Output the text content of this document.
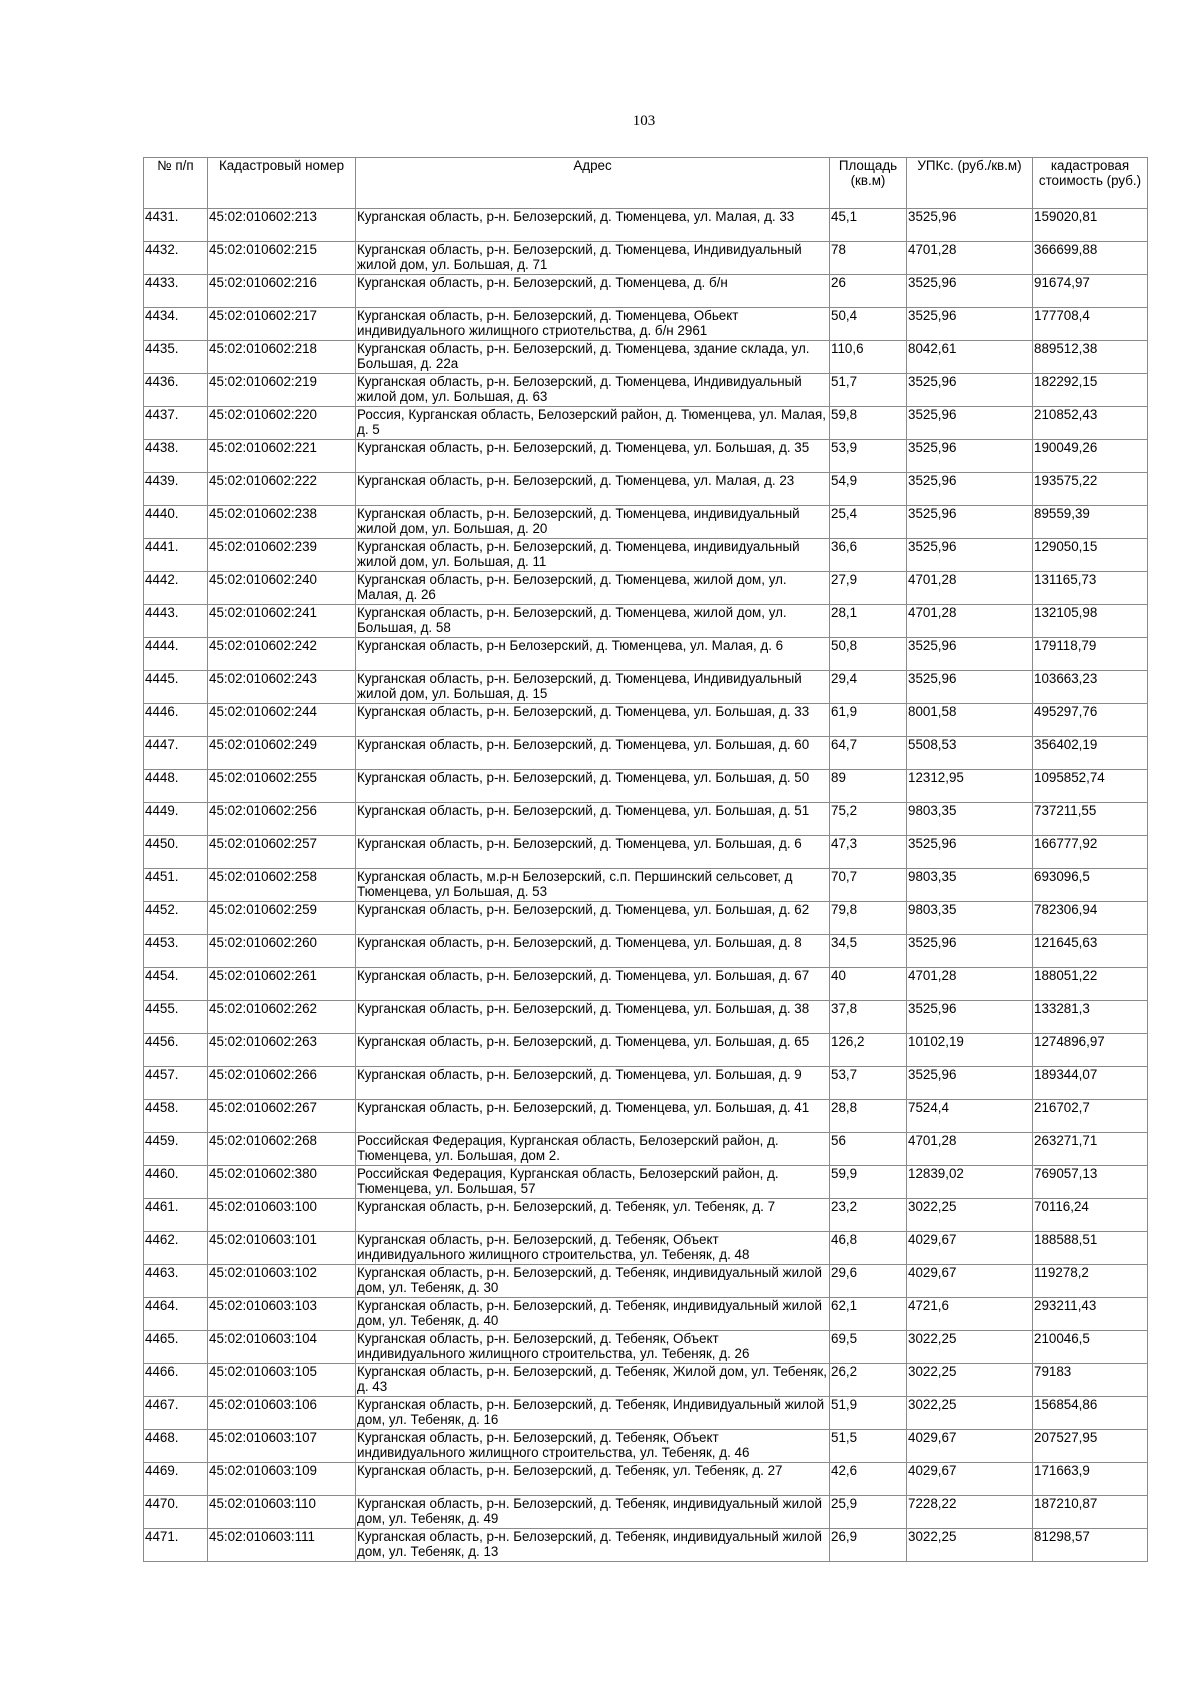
103
№ п/п	Кадастровый номер	Адрес	Площадь (кв.м)	УПКс. (руб./кв.м)	кадастровая стоимость (руб.)
4431.	45:02:010602:213	Курганская область, р-н. Белозерский, д. Тюменцева, ул. Малая, д. 33	45,1	3525,96	159020,81
4432.	45:02:010602:215	Курганская область, р-н. Белозерский, д. Тюменцева, Индивидуальный жилой дом, ул. Большая, д. 71	78	4701,28	366699,88
4433.	45:02:010602:216	Курганская область, р-н. Белозерский, д. Тюменцева, д. б/н	26	3525,96	91674,97
4434.	45:02:010602:217	Курганская область, р-н. Белозерский, д. Тюменцева, Обьект индивидуального жилищного стриотельства, д. б/н 2961	50,4	3525,96	177708,4
4435.	45:02:010602:218	Курганская область, р-н. Белозерский, д. Тюменцева, здание склада, ул. Большая, д. 22а	110,6	8042,61	889512,38
4436.	45:02:010602:219	Курганская область, р-н. Белозерский, д. Тюменцева, Индивидуальный жилой дом, ул. Большая, д. 63	51,7	3525,96	182292,15
4437.	45:02:010602:220	Россия, Курганская область, Белозерский район, д. Тюменцева, ул. Малая, д. 5	59,8	3525,96	210852,43
4438.	45:02:010602:221	Курганская область, р-н. Белозерский, д. Тюменцева, ул. Большая, д. 35	53,9	3525,96	190049,26
4439.	45:02:010602:222	Курганская область, р-н. Белозерский, д. Тюменцева, ул. Малая, д. 23	54,9	3525,96	193575,22
4440.	45:02:010602:238	Курганская область, р-н. Белозерский, д. Тюменцева, индивидуальный жилой дом, ул. Большая, д. 20	25,4	3525,96	89559,39
4441.	45:02:010602:239	Курганская область, р-н. Белозерский, д. Тюменцева, индивидуальный жилой дом, ул. Большая, д. 11	36,6	3525,96	129050,15
4442.	45:02:010602:240	Курганская область, р-н. Белозерский, д. Тюменцева, жилой дом, ул. Малая, д. 26	27,9	4701,28	131165,73
4443.	45:02:010602:241	Курганская область, р-н. Белозерский, д. Тюменцева, жилой дом, ул. Большая, д. 58	28,1	4701,28	132105,98
4444.	45:02:010602:242	Курганская область, р-н Белозерский, д. Тюменцева, ул. Малая, д. 6	50,8	3525,96	179118,79
4445.	45:02:010602:243	Курганская область, р-н. Белозерский, д. Тюменцева, Индивидуальный жилой дом, ул. Большая, д. 15	29,4	3525,96	103663,23
4446.	45:02:010602:244	Курганская область, р-н. Белозерский, д. Тюменцева, ул. Большая, д. 33	61,9	8001,58	495297,76
4447.	45:02:010602:249	Курганская область, р-н. Белозерский, д. Тюменцева, ул. Большая, д. 60	64,7	5508,53	356402,19
4448.	45:02:010602:255	Курганская область, р-н. Белозерский, д. Тюменцева, ул. Большая, д. 50	89	12312,95	1095852,74
4449.	45:02:010602:256	Курганская область, р-н. Белозерский, д. Тюменцева, ул. Большая, д. 51	75,2	9803,35	737211,55
4450.	45:02:010602:257	Курганская область, р-н. Белозерский, д. Тюменцева, ул. Большая, д. 6	47,3	3525,96	166777,92
4451.	45:02:010602:258	Курганская область, м.р-н Белозерский, с.п. Першинский сельсовет, д Тюменцева, ул Большая, д. 53	70,7	9803,35	693096,5
4452.	45:02:010602:259	Курганская область, р-н. Белозерский, д. Тюменцева, ул. Большая, д. 62	79,8	9803,35	782306,94
4453.	45:02:010602:260	Курганская область, р-н. Белозерский, д. Тюменцева, ул. Большая, д. 8	34,5	3525,96	121645,63
4454.	45:02:010602:261	Курганская область, р-н. Белозерский, д. Тюменцева, ул. Большая, д. 67	40	4701,28	188051,22
4455.	45:02:010602:262	Курганская область, р-н. Белозерский, д. Тюменцева, ул. Большая, д. 38	37,8	3525,96	133281,3
4456.	45:02:010602:263	Курганская область, р-н. Белозерский, д. Тюменцева, ул. Большая, д. 65	126,2	10102,19	1274896,97
4457.	45:02:010602:266	Курганская область, р-н. Белозерский, д. Тюменцева, ул. Большая, д. 9	53,7	3525,96	189344,07
4458.	45:02:010602:267	Курганская область, р-н. Белозерский, д. Тюменцева, ул. Большая, д. 41	28,8	7524,4	216702,7
4459.	45:02:010602:268	Российская Федерация, Курганская область, Белозерский район, д. Тюменцева, ул. Большая, дом 2.	56	4701,28	263271,71
4460.	45:02:010602:380	Российская Федерация, Курганская область, Белозерский район, д. Тюменцева, ул. Большая, 57	59,9	12839,02	769057,13
4461.	45:02:010603:100	Курганская область, р-н. Белозерский, д. Тебеняк, ул. Тебеняк, д. 7	23,2	3022,25	70116,24
4462.	45:02:010603:101	Курганская область, р-н. Белозерский, д. Тебеняк, Объект индивидуального жилищного строительства, ул. Тебеняк, д. 48	46,8	4029,67	188588,51
4463.	45:02:010603:102	Курганская область, р-н. Белозерский, д. Тебеняк, индивидуальный жилой дом, ул. Тебеняк, д. 30	29,6	4029,67	119278,2
4464.	45:02:010603:103	Курганская область, р-н. Белозерский, д. Тебеняк, индивидуальный жилой дом, ул. Тебеняк, д. 40	62,1	4721,6	293211,43
4465.	45:02:010603:104	Курганская область, р-н. Белозерский, д. Тебеняк, Объект индивидуального жилищного строительства, ул. Тебеняк, д. 26	69,5	3022,25	210046,5
4466.	45:02:010603:105	Курганская область, р-н. Белозерский, д. Тебеняк, Жилой дом, ул. Тебеняк, д. 43	26,2	3022,25	79183
4467.	45:02:010603:106	Курганская область, р-н. Белозерский, д. Тебеняк, Индивидуальный жилой дом, ул. Тебеняк, д. 16	51,9	3022,25	156854,86
4468.	45:02:010603:107	Курганская область, р-н. Белозерский, д. Тебеняк, Объект индивидуального жилищного строительства, ул. Тебеняк, д. 46	51,5	4029,67	207527,95
4469.	45:02:010603:109	Курганская область, р-н. Белозерский, д. Тебеняк, ул. Тебеняк, д. 27	42,6	4029,67	171663,9
4470.	45:02:010603:110	Курганская область, р-н. Белозерский, д. Тебеняк, индивидуальный жилой дом, ул. Тебеняк, д. 49	25,9	7228,22	187210,87
4471.	45:02:010603:111	Курганская область, р-н. Белозерский, д. Тебеняк, индивидуальный жилой дом, ул. Тебеняк, д. 13	26,9	3022,25	81298,57
